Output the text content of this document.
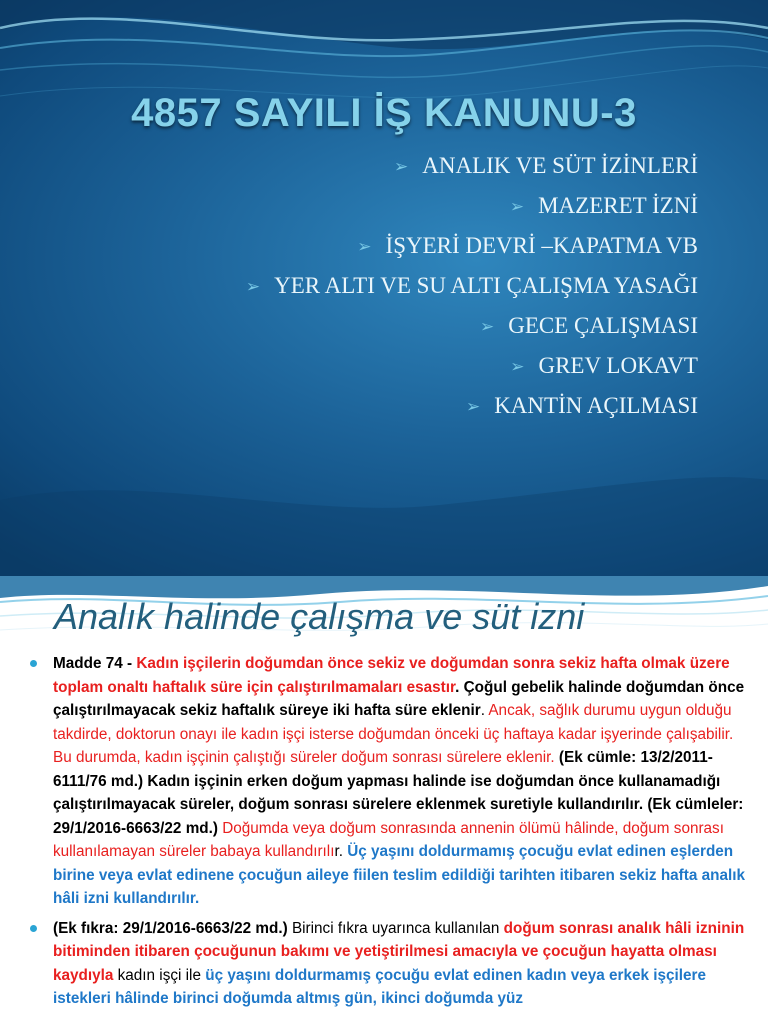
4857 SAYILI İŞ KANUNU-3
➢ ANALIK VE SÜT İZİNLERİ
➢ MAZERET İZNİ
➢ İŞYERİ DEVRİ –KAPATMA VB
➢ YER ALTI VE SU ALTI ÇALIŞMA YASAĞI
➢ GECE ÇALIŞMASI
➢ GREV LOKAVT
➢ KANTİN AÇILMASI
Analık halinde çalışma ve süt izni
Madde 74 - Kadın işçilerin doğumdan önce sekiz ve doğumdan sonra sekiz hafta olmak üzere toplam onaltı haftalık süre için çalıştırılmamaları esastır. Çoğul gebelik halinde doğumdan önce çalıştırılmayacak sekiz haftalık süreye iki hafta süre eklenir. Ancak, sağlık durumu uygun olduğu takdirde, doktorun onayı ile kadın işçi isterse doğumdan önceki üç haftaya kadar işyerinde çalışabilir. Bu durumda, kadın işçinin çalıştığı süreler doğum sonrası sürelere eklenir. (Ek cümle: 13/2/2011-6111/76 md.) Kadın işçinin erken doğum yapması halinde ise doğumdan önce kullanamadığı çalıştırılmayacak süreler, doğum sonrası sürelere eklenmek suretiyle kullandırılır. (Ek cümleler: 29/1/2016-6663/22 md.) Doğumda veya doğum sonrasında annenin ölümü hâlinde, doğum sonrası kullanılamayan süreler babaya kullandırılır. Üç yaşını doldurmamış çocuğu evlat edinen eşlerden birine veya evlat edinene çocuğun aileye fiilen teslim edildiği tarihten itibaren sekiz hafta analık hâli izni kullandırılır.
(Ek fıkra: 29/1/2016-6663/22 md.) Birinci fıkra uyarınca kullanılan doğum sonrası analık hâli izninin bitiminden itibaren çocuğunun bakımı ve yetiştirilmesi amacıyla ve çocuğun hayatta olması kaydıyla kadın işçi ile üç yaşını doldurmamış çocuğu evlat edinen kadın veya erkek işçilere istekleri hâlinde birinci doğumda altmış gün, ikinci doğumda yüz
